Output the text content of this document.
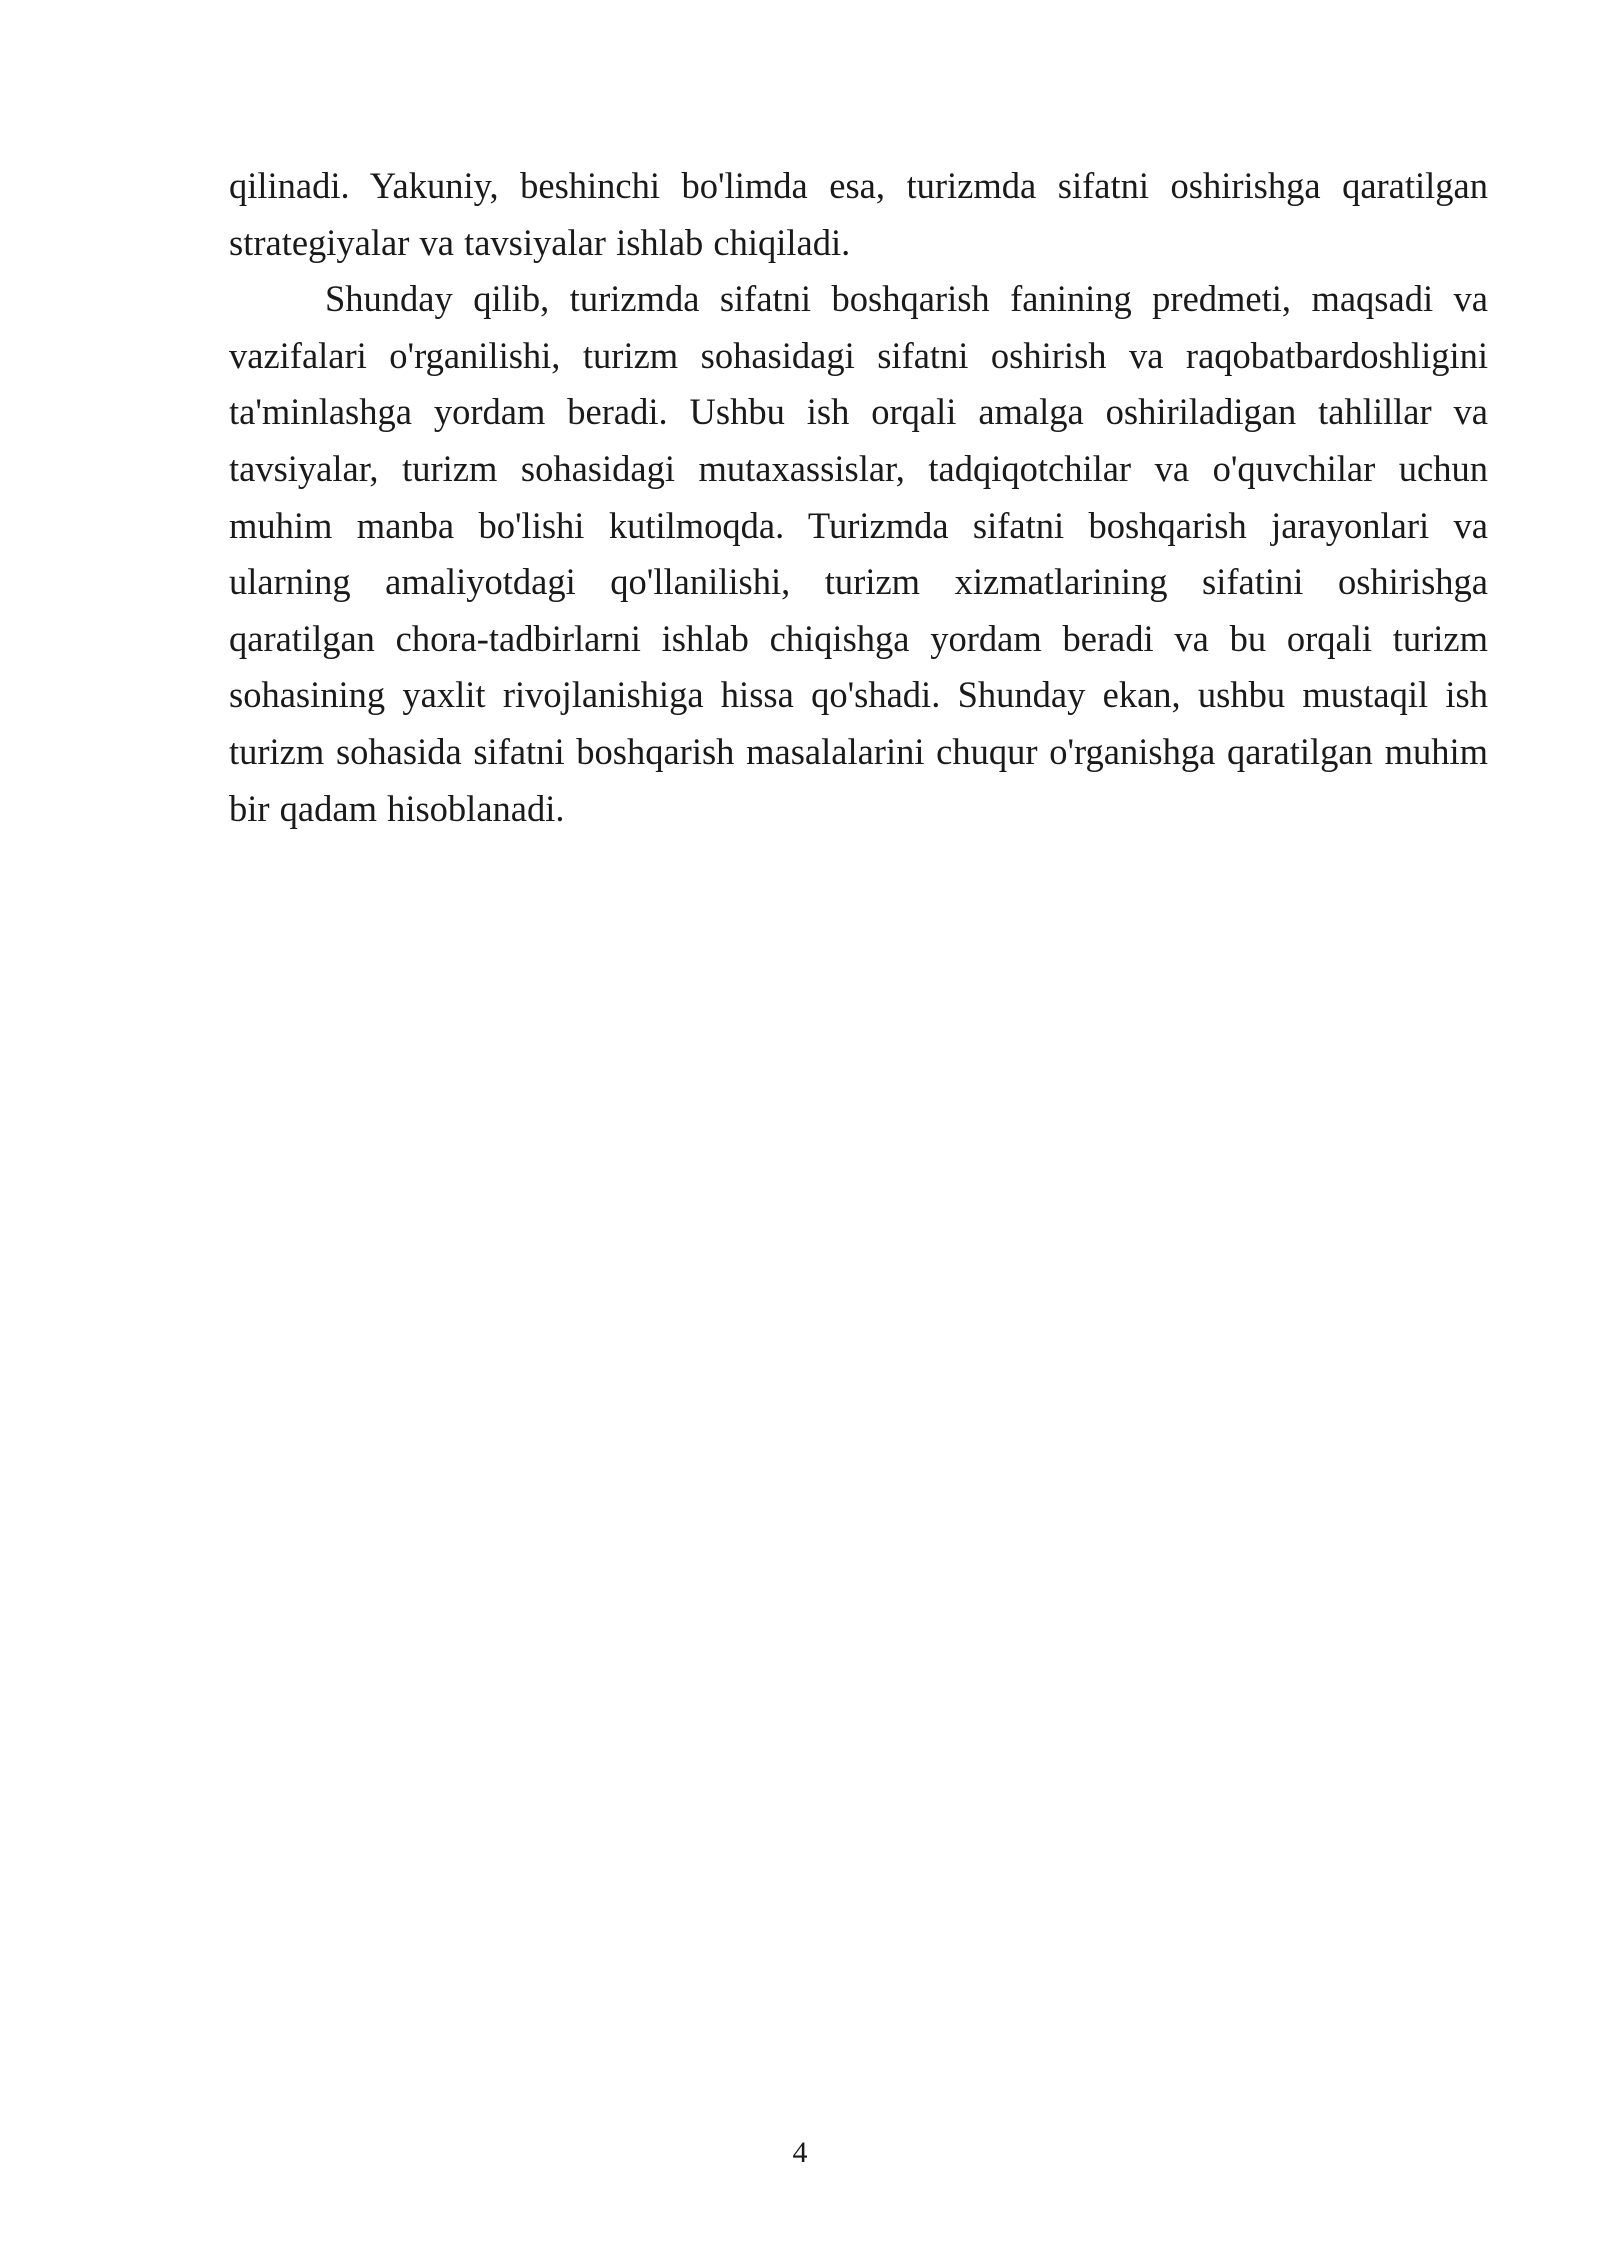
qilinadi. Yakuniy, beshinchi bo'limda esa, turizmda sifatni oshirishga qaratilgan strategiyalar va tavsiyalar ishlab chiqiladi.

Shunday qilib, turizmda sifatni boshqarish fanining predmeti, maqsadi va vazifalari o'rganilishi, turizm sohasidagi sifatni oshirish va raqobatbardoshligini ta'minlashga yordam beradi. Ushbu ish orqali amalga oshiriladigan tahlillar va tavsiyalar, turizm sohasidagi mutaxassislar, tadqiqotchilar va o'quvchilar uchun muhim manba bo'lishi kutilmoqda. Turizmda sifatni boshqarish jarayonlari va ularning amaliyotdagi qo'llanilishi, turizm xizmatlarining sifatini oshirishga qaratilgan chora-tadbirlarni ishlab chiqishga yordam beradi va bu orqali turizm sohasining yaxlit rivojlanishiga hissa qo'shadi. Shunday ekan, ushbu mustaqil ish turizm sohasida sifatni boshqarish masalalarini chuqur o'rganishga qaratilgan muhim bir qadam hisoblanadi.

4
